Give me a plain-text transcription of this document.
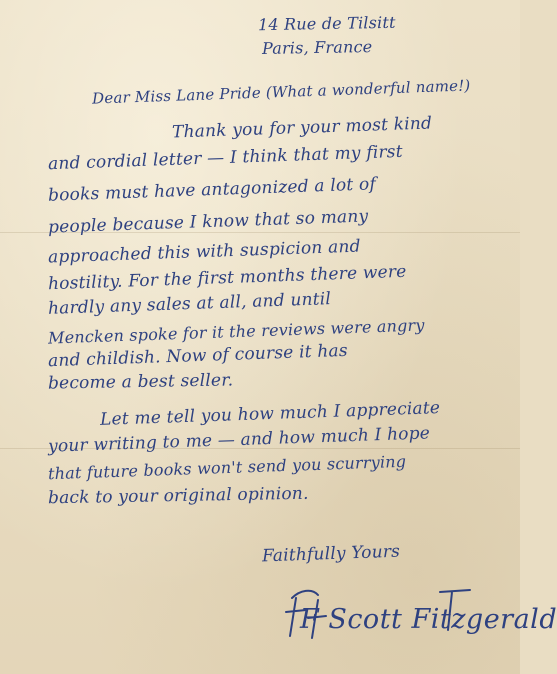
14 Rue de Tilsitt
Paris, France
Dear Miss Lane Pride (What a wonderful name!)
Thank you for your most kind
and cordial letter — I think that my first
books must have antagonized a lot of
people because I know that so many
approached this with suspicion and
hostility. For the first months there were
hardly any sales at all, and until
Mencken spoke for it the reviews were angry
and childish. Now of course it has
become a best seller.
Let me tell you how much I appreciate
your writing to me — and how much I hope
that future books won't send you scurrying
back to your original opinion.
Faithfully Yours
F Scott Fitzgerald
